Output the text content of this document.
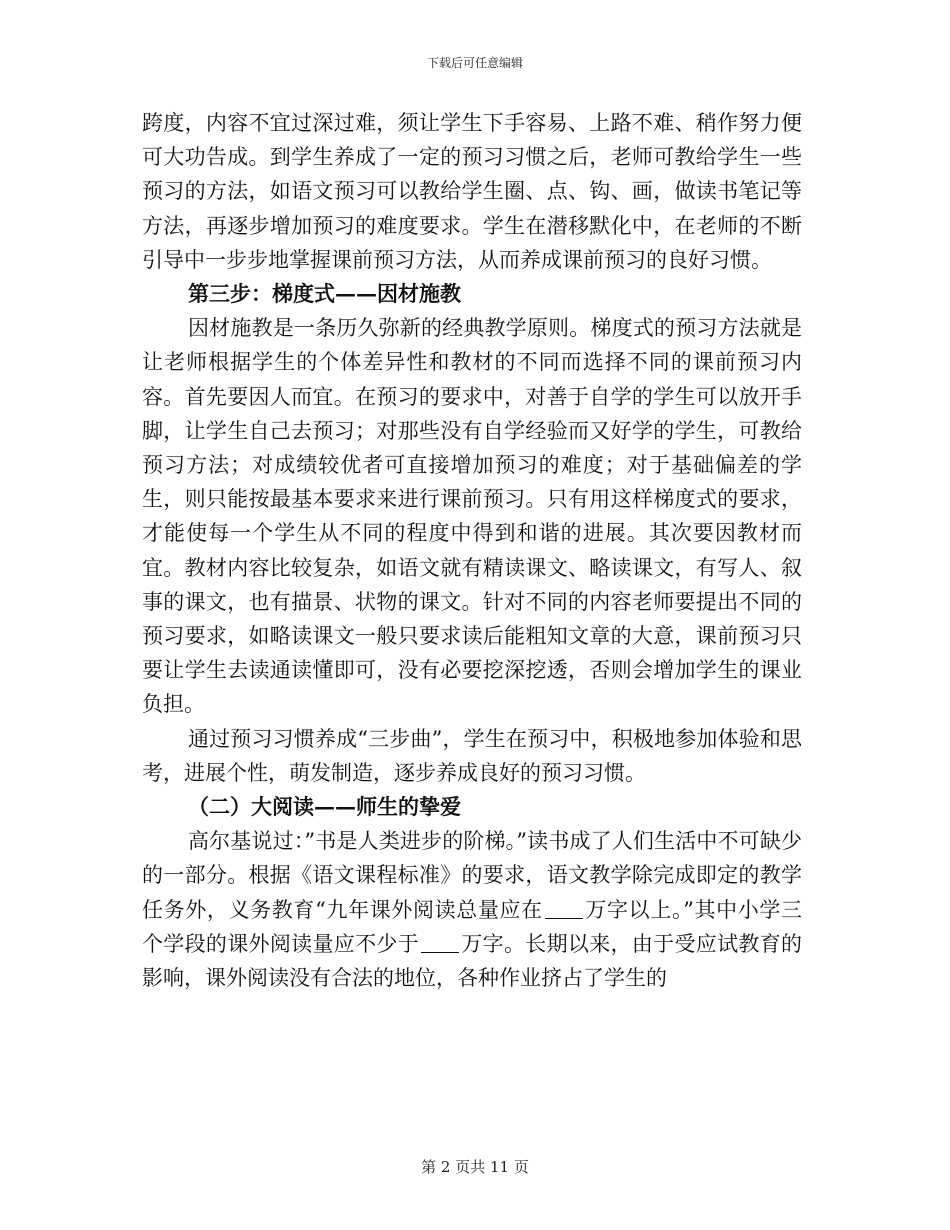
下载后可任意编辑

跨度，内容不宜过深过难，须让学生下手容易、上路不难、稍作努力便可大功告成。到学生养成了一定的预习习惯之后，老师可教给学生一些预习的方法，如语文预习可以教给学生圈、点、钩、画，做读书笔记等方法，再逐步增加预习的难度要求。学生在潜移默化中，在老师的不断引导中一步步地掌握课前预习方法，从而养成课前预习的良好习惯。

第三步：梯度式——因材施教

因材施教是一条历久弥新的经典教学原则。梯度式的预习方法就是让老师根据学生的个体差异性和教材的不同而选择不同的课前预习内容。首先要因人而宜。在预习的要求中，对善于自学的学生可以放开手脚，让学生自己去预习；对那些没有自学经验而又好学的学生，可教给预习方法；对成绩较优者可直接增加预习的难度；对于基础偏差的学生，则只能按最基本要求来进行课前预习。只有用这样梯度式的要求，才能使每一个学生从不同的程度中得到和谐的进展。其次要因教材而宜。教材内容比较复杂，如语文就有精读课文、略读课文，有写人、叙事的课文，也有描景、状物的课文。针对不同的内容老师要提出不同的预习要求，如略读课文一般只要求读后能粗知文章的大意，课前预习只要让学生去读通读懂即可，没有必要挖深挖透，否则会增加学生的课业负担。

通过预习习惯养成“三步曲”，学生在预习中，积极地参加体验和思考，进展个性，萌发制造，逐步养成良好的预习习惯。

（二）大阅读——师生的挚爱

高尔基说过：”书是人类进步的阶梯。”读书成了人们生活中不可缺少的一部分。根据《语文课程标准》的要求，语文教学除完成即定的教学任务外，义务教育“九年课外阅读总量应在 万字以上。”其中小学三个学段的课外阅读量应不少于 万字。长期以来，由于受应试教育的影响，课外阅读没有合法的地位，各种作业挤占了学生的

第 2 页共 11 页
